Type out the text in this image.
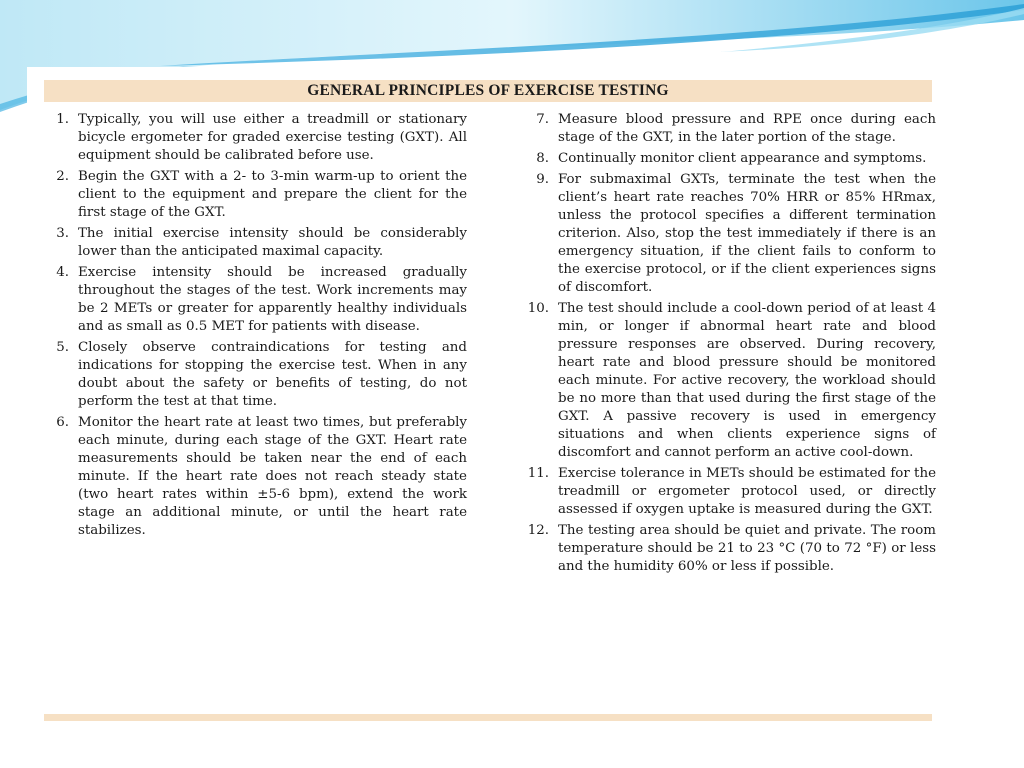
GENERAL PRINCIPLES OF EXERCISE TESTING
1. Typically, you will use either a treadmill or stationary bicycle ergometer for graded exercise testing (GXT). All equipment should be calibrated before use.
2. Begin the GXT with a 2- to 3-min warm-up to orient the client to the equipment and prepare the client for the first stage of the GXT.
3. The initial exercise intensity should be considerably lower than the anticipated maximal capacity.
4. Exercise intensity should be increased gradually throughout the stages of the test. Work increments may be 2 METs or greater for apparently healthy individuals and as small as 0.5 MET for patients with disease.
5. Closely observe contraindications for testing and indications for stopping the exercise test. When in any doubt about the safety or benefits of testing, do not perform the test at that time.
6. Monitor the heart rate at least two times, but preferably each minute, during each stage of the GXT. Heart rate measurements should be taken near the end of each minute. If the heart rate does not reach steady state (two heart rates within ±5-6 bpm), extend the work stage an additional minute, or until the heart rate stabilizes.
7. Measure blood pressure and RPE once during each stage of the GXT, in the later portion of the stage.
8. Continually monitor client appearance and symptoms.
9. For submaximal GXTs, terminate the test when the client’s heart rate reaches 70% HRR or 85% HRmax, unless the protocol specifies a different termination criterion. Also, stop the test immediately if there is an emergency situation, if the client fails to conform to the exercise protocol, or if the client experiences signs of discomfort.
10. The test should include a cool-down period of at least 4 min, or longer if abnormal heart rate and blood pressure responses are observed. During recovery, heart rate and blood pressure should be monitored each minute. For active recovery, the workload should be no more than that used during the first stage of the GXT. A passive recovery is used in emergency situations and when clients experience signs of discomfort and cannot perform an active cool-down.
11. Exercise tolerance in METs should be estimated for the treadmill or ergometer protocol used, or directly assessed if oxygen uptake is measured during the GXT.
12. The testing area should be quiet and private. The room temperature should be 21 to 23 °C (70 to 72 °F) or less and the humidity 60% or less if possible.
